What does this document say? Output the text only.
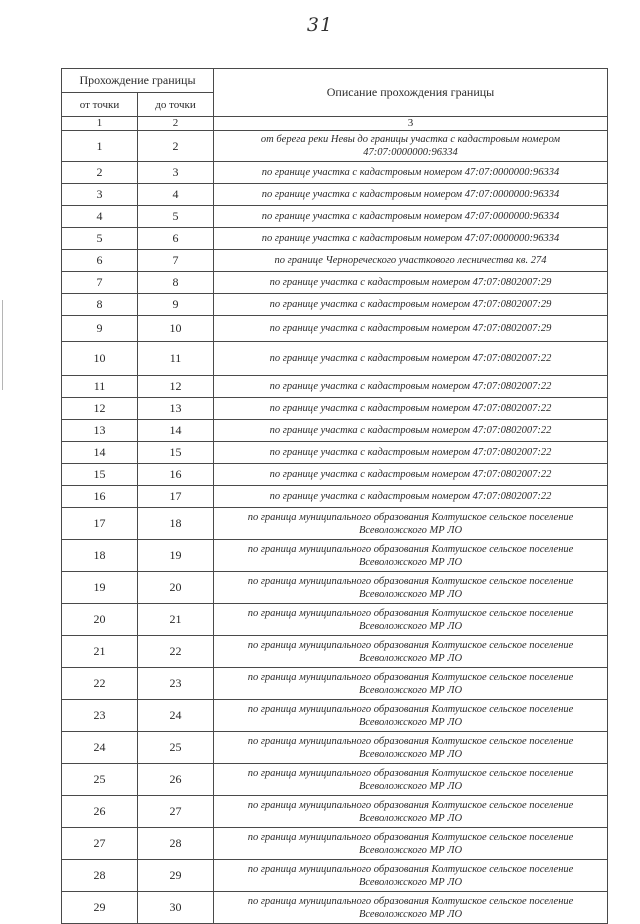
31
Прохождение границы		Описание прохождения границы
от точки	до точки	
1	2	3
1	2	от берега реки Невы до границы участка с кадастровым номером 47:07:0000000:96334
2	3	по границе участка с кадастровым номером 47:07:0000000:96334
3	4	по границе участка с кадастровым номером 47:07:0000000:96334
4	5	по границе участка с кадастровым номером 47:07:0000000:96334
5	6	по границе участка с кадастровым номером 47:07:0000000:96334
6	7	по границе Чернореческого участкового лесничества кв. 274
7	8	по границе участка с кадастровым номером 47:07:0802007:29
8	9	по границе участка с кадастровым номером 47:07:0802007:29
9	10	по границе участка с кадастровым номером 47:07:0802007:29
10	11	по границе участка с кадастровым номером 47:07:0802007:22
11	12	по границе участка с кадастровым номером 47:07:0802007:22
12	13	по границе участка с кадастровым номером 47:07:0802007:22
13	14	по границе участка с кадастровым номером 47:07:0802007:22
14	15	по границе участка с кадастровым номером 47:07:0802007:22
15	16	по границе участка с кадастровым номером 47:07:0802007:22
16	17	по границе участка с кадастровым номером 47:07:0802007:22
17	18	по граница муниципального образования Колтушское сельское поселение Всеволожского МР ЛО
18	19	по граница муниципального образования Колтушское сельское поселение Всеволожского МР ЛО
19	20	по граница муниципального образования Колтушское сельское поселение Всеволожского МР ЛО
20	21	по граница муниципального образования Колтушское сельское поселение Всеволожского МР ЛО
21	22	по граница муниципального образования Колтушское сельское поселение Всеволожского МР ЛО
22	23	по граница муниципального образования Колтушское сельское поселение Всеволожского МР ЛО
23	24	по граница муниципального образования Колтушское сельское поселение Всеволожского МР ЛО
24	25	по граница муниципального образования Колтушское сельское поселение Всеволожского МР ЛО
25	26	по граница муниципального образования Колтушское сельское поселение Всеволожского МР ЛО
26	27	по граница муниципального образования Колтушское сельское поселение Всеволожского МР ЛО
27	28	по граница муниципального образования Колтушское сельское поселение Всеволожского МР ЛО
28	29	по граница муниципального образования Колтушское сельское поселение Всеволожского МР ЛО
29	30	по граница муниципального образования Колтушское сельское поселение Всеволожского МР ЛО
